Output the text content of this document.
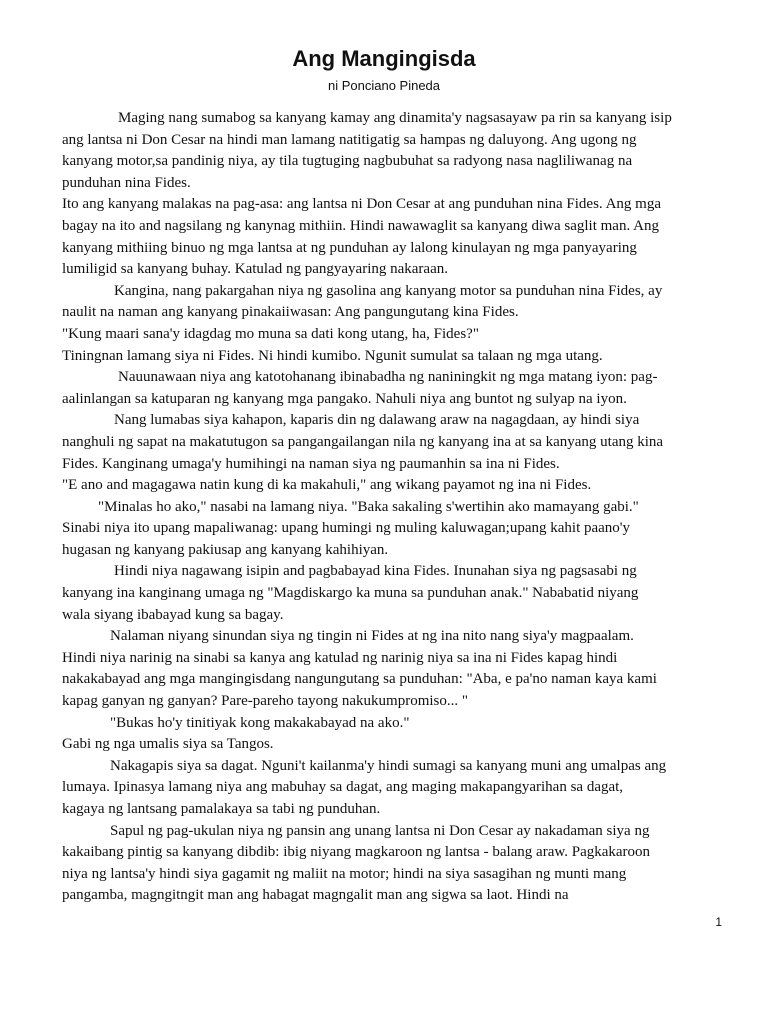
Ang Mangingisda

ni Ponciano Pineda

Maging nang sumabog sa kanyang kamay ang dinamita'y nagsasayaw pa rin sa kanyang isip

ang lantsa ni Don Cesar na hindi man lamang natitigatig sa hampas ng daluyong. Ang ugong ng

kanyang motor,sa pandinig niya, ay tila tugtuging nagbubuhat sa radyong nasa nagliliwanag na

punduhan nina Fides.

Ito ang kanyang malakas na pag-asa: ang lantsa ni Don Cesar at ang punduhan nina Fides. Ang mga

bagay na ito and nagsilang ng kanynag mithiin. Hindi nawawaglit sa kanyang diwa saglit man. Ang

kanyang mithiing binuo ng mga lantsa at ng punduhan ay lalong kinulayan ng mga panyayaring

lumiligid sa kanyang buhay. Katulad ng pangyayaring nakaraan.

Kangina, nang pakargahan niya ng gasolina ang kanyang motor sa punduhan nina Fides, ay

naulit na naman ang kanyang pinakaiiwasan: Ang pangungutang kina Fides.

"Kung maari sana'y idagdag mo muna sa dati kong utang, ha, Fides?"

Tiningnan lamang siya ni Fides. Ni hindi kumibo. Ngunit sumulat sa talaan ng mga utang.

Nauunawaan niya ang katotohanang ibinabadha ng naniningkit ng mga matang iyon: pag-

aalinlangan sa katuparan ng kanyang mga pangako. Nahuli niya ang buntot ng sulyap na iyon.

Nang lumabas siya kahapon, kaparis din ng dalawang araw na nagagdaan, ay hindi siya

nanghuli ng sapat na makatutugon sa pangangailangan nila ng kanyang ina at sa kanyang utang kina

Fides. Kanginang umaga'y humihingi na naman siya ng paumanhin sa ina ni Fides.

"E ano and magagawa natin kung di ka makahuli," ang wikang payamot ng ina ni Fides.

"Minalas ho ako," nasabi na lamang niya. "Baka sakaling s'wertihin ako mamayang gabi."

Sinabi niya ito upang mapaliwanag: upang humingi ng muling kaluwagan;upang kahit paano'y

hugasan ng kanyang pakiusap ang kanyang kahihiyan.

Hindi niya nagawang isipin and pagbabayad kina Fides. Inunahan siya ng pagsasabi ng

kanyang ina kanginang umaga ng "Magdiskargo ka muna sa punduhan anak." Nababatid niyang

wala siyang ibabayad kung sa bagay.

Nalaman niyang sinundan siya ng tingin ni Fides at ng ina nito nang siya'y magpaalam.

Hindi niya narinig na sinabi sa kanya ang katulad ng narinig niya sa ina ni Fides kapag hindi

nakakabayad ang mga mangingisdang nangungutang sa punduhan: "Aba, e pa'no naman kaya kami

kapag ganyan ng ganyan? Pare-pareho tayong nakukumpromiso... "

"Bukas ho'y tinitiyak kong makakabayad na ako."

Gabi ng nga umalis siya sa Tangos.

Nakagapis siya sa dagat. Nguni't kailanma'y hindi sumagi sa kanyang muni ang umalpas ang

lumaya. Ipinasya lamang niya ang mabuhay sa dagat, ang maging makapangyarihan sa dagat,

kagaya ng lantsang pamalakaya sa tabi ng punduhan.

Sapul ng pag-ukulan niya ng pansin ang unang lantsa ni Don Cesar ay nakadaman siya ng

kakaibang pintig sa kanyang dibdib: ibig niyang magkaroon ng lantsa - balang araw. Pagkakaroon

niya ng lantsa'y hindi siya gagamit ng maliit na motor; hindi na siya sasagihan ng munti mang

pangamba, magngitngit man ang habagat magngalit man ang sigwa sa laot. Hindi na

1
